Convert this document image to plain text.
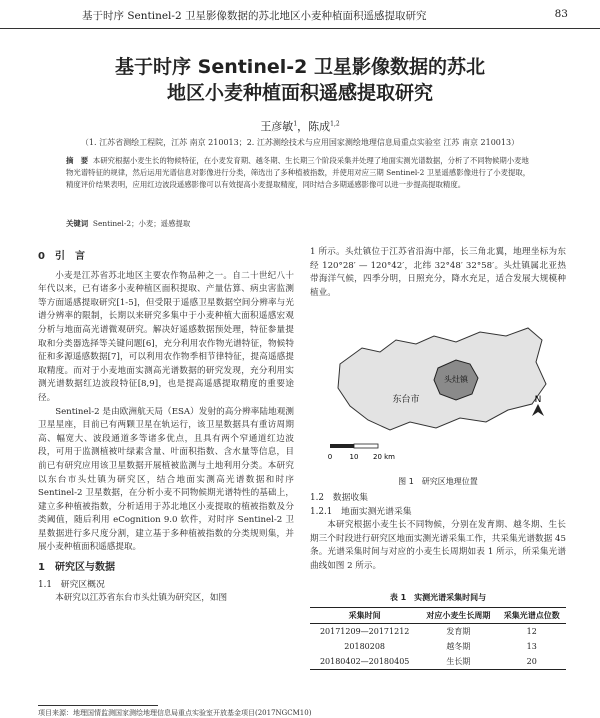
基于时序 Sentinel-2 卫星影像数据的苏北地区小麦种植面积遥感提取研究	83
基于时序 Sentinel-2 卫星影像数据的苏北
地区小麦种植面积遥感提取研究
王彦敏$^1$，陈成$^{1,2}$
（1. 江苏省测绘工程院，江苏 南京 210013；2. 江苏测绘技术与应用国家测绘地理信息局重点实验室 江苏 南京 210013）
摘　要 本研究根据小麦生长的物候特征，在小麦发育期、越冬期、生长期三个阶段采集并处理了地面实测光谱数据，分析了不同物候期小麦地物光谱特征的规律，然后运用光谱信息对影像进行分类，筛选出了多种植被指数，并使用对应三期 Sentinel-2 卫星遥感影像进行了小麦提取，精度评价结果表明，应用红边波段遥感影像可以有效提高小麦提取精度，同时结合多期遥感影像可以进一步提高提取精度。
关键词 Sentinel-2；小麦；遥感提取
0　引　言

小麦是江苏省苏北地区主要农作物品种之一。自二十世纪八十年代以来，已有诸多小麦种植区面积提取、产量估算、病虫害监测等方面遥感提取研究[1-5]，但受限于遥感卫星数据空间分辨率与光谱分辨率的限制，长期以来研究多集中于小麦种植大面积遥感宏观分析与地面高光谱微观研究。解决好遥感数据预处理，特征参量提取和分类器选择等关键问题[6]，充分利用农作物光谱特征，物候特征和多源遥感数据[7]，可以利用农作物季相节律特征，提高遥感提取精度。而对于小麦地面实测高光谱数据的研究发现，充分利用实测光谱数据红边波段特征[8,9]，也是提高遥感提取精度的重要途径。

Sentinel-2 是由欧洲航天局（ESA）发射的高分辨率陆地观测卫星星座，目前已有两颗卫星在轨运行，该卫星数据具有重访周期高、幅宽大、波段通道多等诸多优点，且具有两个窄通道红边波段，可用于监测植被叶绿素含量、叶面积指数、含水量等信息，目前已有研究应用该卫星数据开展植被监测与土地利用分类。本研究以东台市头灶镇为研究区，结合地面实测高光谱数据和时序 Sentinel-2 卫星数据，在分析小麦不同物候期光谱特性的基础上，建立多种植被指数，分析适用于苏北地区小麦提取的植被指数及分类阈值，随后利用 eCognition 9.0 软件，对时序 Sentinel-2 卫星数据进行多尺度分割，建立基于多种植被指数的分类规则集，并展小麦种植面积遥感提取。

1　研究区与数据
1.1　研究区概况

本研究以江苏省东台市头灶镇为研究区，如图

1 所示。头灶镇位于江苏省沿海中部，长三角北翼，地理坐标为东经 120°28′ — 120°42′，北纬 32°48′ 32°58′。头灶镇属北亚热带海洋气候，四季分明，日照充分，降水充足，适合发展大规模种植业。

N
头灶镇
东台市
0 10 20 km
图 1　研究区地理位置
1.2　数据收集
1.2.1　地面实测光谱采集

本研究根据小麦生长不同物候，分别在发育期、越冬期、生长期三个时段进行研究区地面实测光谱采集工作，共采集光谱数据 45 条。光谱采集时间与对应的小麦生长周期如表 1 所示，所采集光谱曲线如图 2 所示。

表 1　实测光谱采集时间与
采集时间	对应小麦生长周期	采集光谱点位数
20171209—20171212	发育期	12
20180208	越冬期	13
20180402—20180405	生长期	20
项目来源：地理国情监测国家测绘地理信息局重点实验室开放基金项目(2017NGCM10)
